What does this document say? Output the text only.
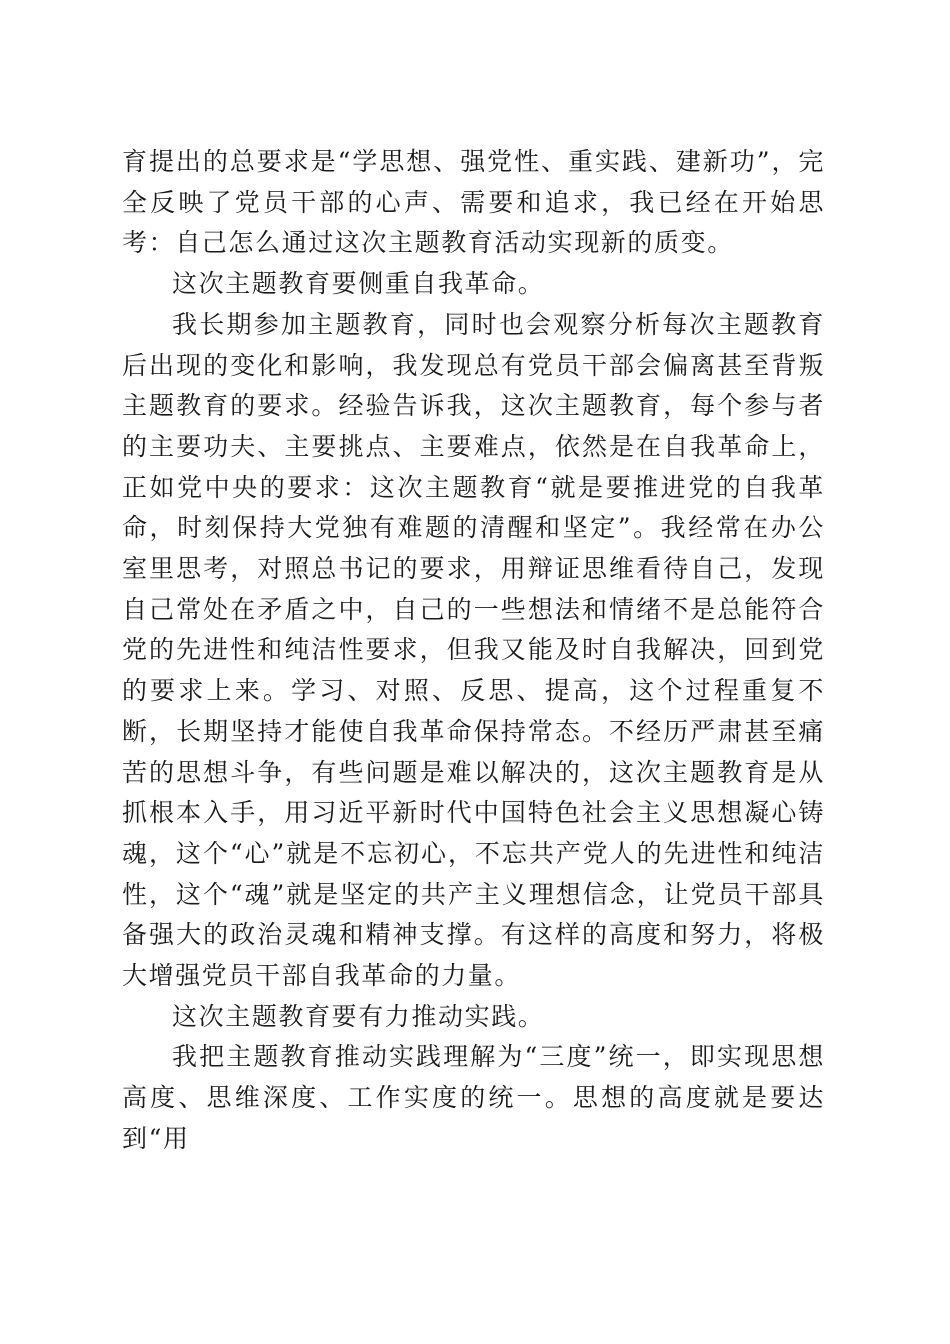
育提出的总要求是“学思想、强党性、重实践、建新功”，完全反映了党员干部的心声、需要和追求，我已经在开始思考：自己怎么通过这次主题教育活动实现新的质变。

这次主题教育要侧重自我革命。

我长期参加主题教育，同时也会观察分析每次主题教育后出现的变化和影响，我发现总有党员干部会偏离甚至背叛主题教育的要求。经验告诉我，这次主题教育，每个参与者的主要功夫、主要挑点、主要难点，依然是在自我革命上，正如党中央的要求：这次主题教育“就是要推进党的自我革命，时刻保持大党独有难题的清醒和坚定”。我经常在办公室里思考，对照总书记的要求，用辩证思维看待自己，发现自己常处在矛盾之中，自己的一些想法和情绪不是总能符合党的先进性和纯洁性要求，但我又能及时自我解决，回到党的要求上来。学习、对照、反思、提高，这个过程重复不断，长期坚持才能使自我革命保持常态。不经历严肃甚至痛苦的思想斗争，有些问题是难以解决的，这次主题教育是从抓根本入手，用习近平新时代中国特色社会主义思想凝心铸魂，这个“心”就是不忘初心，不忘共产党人的先进性和纯洁性，这个“魂”就是坚定的共产主义理想信念，让党员干部具备强大的政治灵魂和精神支撑。有这样的高度和努力，将极大增强党员干部自我革命的力量。

这次主题教育要有力推动实践。

我把主题教育推动实践理解为“三度”统一，即实现思想高度、思维深度、工作实度的统一。思想的高度就是要达到“用
